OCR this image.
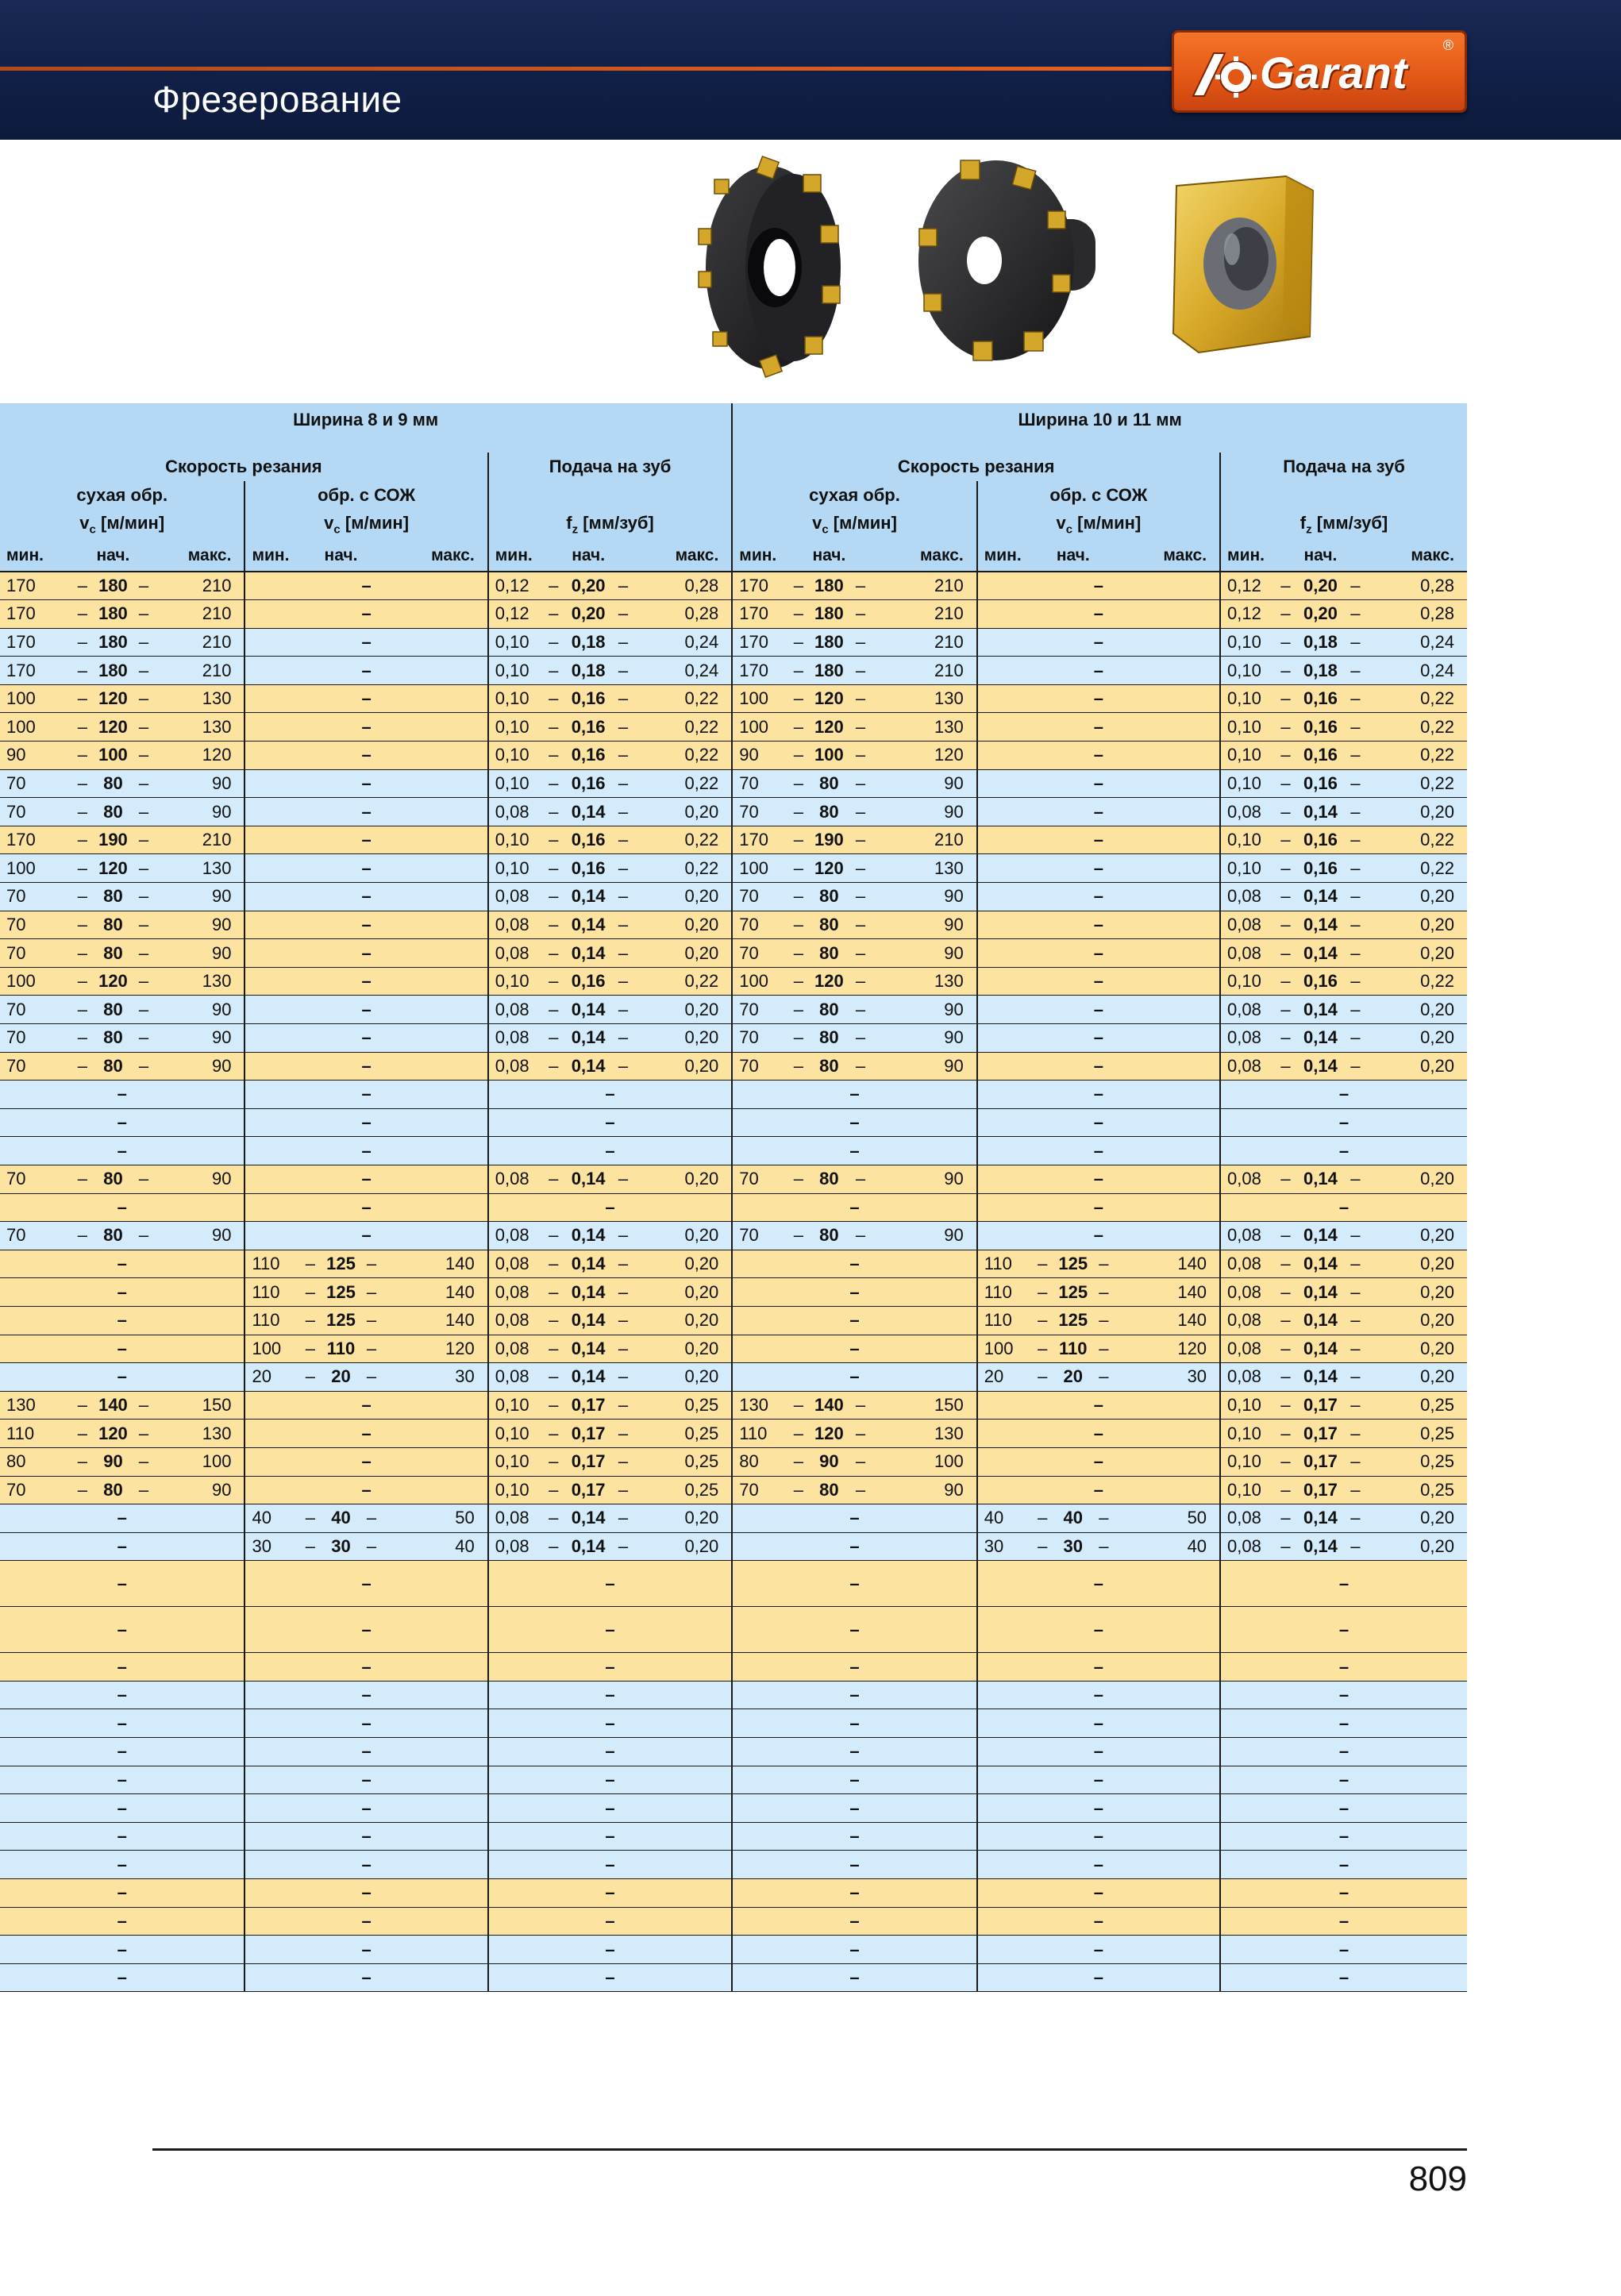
Фрезерование
Garant
®
Ширина 8 и 9 мм															Ширина 10 и 11 мм														

Скорость резания										Подача на зуб					Скорость резания										Подача на зуб				
сухая обр.					обр. с СОЖ										сухая обр.					обр. с СОЖ									
$v_c$ [м/мин]					$v_c$ [м/мин]					$f_z$ [мм/зуб]					$v_c$ [м/мин]					$v_c$ [м/мин]					$f_z$ [мм/зуб]				
мин.		нач.	макс.		мин.		нач.	макс.		мин.		нач.	макс.		мин.		нач.	макс.		мин.		нач.	макс.		мин.		нач.	макс.	
170	–	180	–	210	–					0,12	–	0,20	–	0,28	170	–	180	–	210	–					0,12	–	0,20	–	0,28
170	–	180	–	210	–					0,12	–	0,20	–	0,28	170	–	180	–	210	–					0,12	–	0,20	–	0,28
170	–	180	–	210	–					0,10	–	0,18	–	0,24	170	–	180	–	210	–					0,10	–	0,18	–	0,24
170	–	180	–	210	–					0,10	–	0,18	–	0,24	170	–	180	–	210	–					0,10	–	0,18	–	0,24
100	–	120	–	130	–					0,10	–	0,16	–	0,22	100	–	120	–	130	–					0,10	–	0,16	–	0,22
100	–	120	–	130	–					0,10	–	0,16	–	0,22	100	–	120	–	130	–					0,10	–	0,16	–	0,22
90	–	100	–	120	–					0,10	–	0,16	–	0,22	90	–	100	–	120	–					0,10	–	0,16	–	0,22
70	–	80	–	90	–					0,10	–	0,16	–	0,22	70	–	80	–	90	–					0,10	–	0,16	–	0,22
70	–	80	–	90	–					0,08	–	0,14	–	0,20	70	–	80	–	90	–					0,08	–	0,14	–	0,20
170	–	190	–	210	–					0,10	–	0,16	–	0,22	170	–	190	–	210	–					0,10	–	0,16	–	0,22
100	–	120	–	130	–					0,10	–	0,16	–	0,22	100	–	120	–	130	–					0,10	–	0,16	–	0,22
70	–	80	–	90	–					0,08	–	0,14	–	0,20	70	–	80	–	90	–					0,08	–	0,14	–	0,20
70	–	80	–	90	–					0,08	–	0,14	–	0,20	70	–	80	–	90	–					0,08	–	0,14	–	0,20
70	–	80	–	90	–					0,08	–	0,14	–	0,20	70	–	80	–	90	–					0,08	–	0,14	–	0,20
100	–	120	–	130	–					0,10	–	0,16	–	0,22	100	–	120	–	130	–					0,10	–	0,16	–	0,22
70	–	80	–	90	–					0,08	–	0,14	–	0,20	70	–	80	–	90	–					0,08	–	0,14	–	0,20
70	–	80	–	90	–					0,08	–	0,14	–	0,20	70	–	80	–	90	–					0,08	–	0,14	–	0,20
70	–	80	–	90	–					0,08	–	0,14	–	0,20	70	–	80	–	90	–					0,08	–	0,14	–	0,20
–					–					–					–					–					–				
–					–					–					–					–					–				
–					–					–					–					–					–				
70	–	80	–	90	–					0,08	–	0,14	–	0,20	70	–	80	–	90	–					0,08	–	0,14	–	0,20
–					–					–					–					–					–				
70	–	80	–	90	–					0,08	–	0,14	–	0,20	70	–	80	–	90	–					0,08	–	0,14	–	0,20
–					110	–	125	–	140	0,08	–	0,14	–	0,20	–					110	–	125	–	140	0,08	–	0,14	–	0,20
–					110	–	125	–	140	0,08	–	0,14	–	0,20	–					110	–	125	–	140	0,08	–	0,14	–	0,20
–					110	–	125	–	140	0,08	–	0,14	–	0,20	–					110	–	125	–	140	0,08	–	0,14	–	0,20
–					100	–	110	–	120	0,08	–	0,14	–	0,20	–					100	–	110	–	120	0,08	–	0,14	–	0,20
–					20	–	20	–	30	0,08	–	0,14	–	0,20	–					20	–	20	–	30	0,08	–	0,14	–	0,20
130	–	140	–	150	–					0,10	–	0,17	–	0,25	130	–	140	–	150	–					0,10	–	0,17	–	0,25
110	–	120	–	130	–					0,10	–	0,17	–	0,25	110	–	120	–	130	–					0,10	–	0,17	–	0,25
80	–	90	–	100	–					0,10	–	0,17	–	0,25	80	–	90	–	100	–					0,10	–	0,17	–	0,25
70	–	80	–	90	–					0,10	–	0,17	–	0,25	70	–	80	–	90	–					0,10	–	0,17	–	0,25
–					40	–	40	–	50	0,08	–	0,14	–	0,20	–					40	–	40	–	50	0,08	–	0,14	–	0,20
–					30	–	30	–	40	0,08	–	0,14	–	0,20	–					30	–	30	–	40	0,08	–	0,14	–	0,20
–					–					–					–					–					–				
–					–					–					–					–					–				
–					–					–					–					–					–				
–					–					–					–					–					–				
–					–					–					–					–					–				
–					–					–					–					–					–				
–					–					–					–					–					–				
–					–					–					–					–					–				
–					–					–					–					–					–				
–					–					–					–					–					–				
–					–					–					–					–					–				
–					–					–					–					–					–				
–					–					–					–					–					–				
–					–					–					–					–					–				
809
